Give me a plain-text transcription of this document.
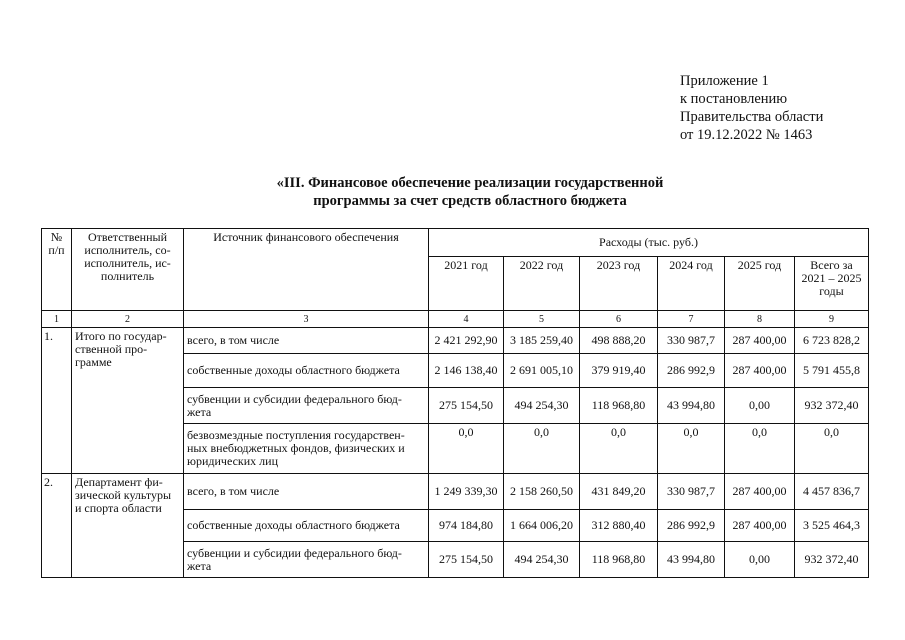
Приложение 1
к постановлению
Правительства области
от 19.12.2022 № 1463
«III. Финансовое обеспечение реализации государственной
программы за счет средств областного бюджета
№ п/п	Ответственный исполнитель, со-исполнитель, ис-полнитель	Источник финансового обеспечения	Расходы (тыс. руб.)					
			2021 год	2022 год	2023 год	2024 год	2025 год	Всего за 2021 – 2025 годы
1	2	3	4	5	6	7	8	9
1.	Итого по государ-ственной про-грамме	всего, в том числе	2 421 292,90	3 185 259,40	498 888,20	330 987,7	287 400,00	6 723 828,2
		собственные доходы областного бюджета	2 146 138,40	2 691 005,10	379 919,40	286 992,9	287 400,00	5 791 455,8
		субвенции и субсидии федерального бюд-жета	275 154,50	494 254,30	118 968,80	43 994,80	0,00	932 372,40
		безвозмездные поступления государствен-ных внебюджетных фондов, физических и юридических лиц	0,0	0,0	0,0	0,0	0,0	0,0
2.	Департамент фи-зической культуры и спорта области	всего, в том числе	1 249 339,30	2 158 260,50	431 849,20	330 987,7	287 400,00	4 457 836,7
		собственные доходы областного бюджета	974 184,80	1 664 006,20	312 880,40	286 992,9	287 400,00	3 525 464,3
		субвенции и субсидии федерального бюд-жета	275 154,50	494 254,30	118 968,80	43 994,80	0,00	932 372,40
